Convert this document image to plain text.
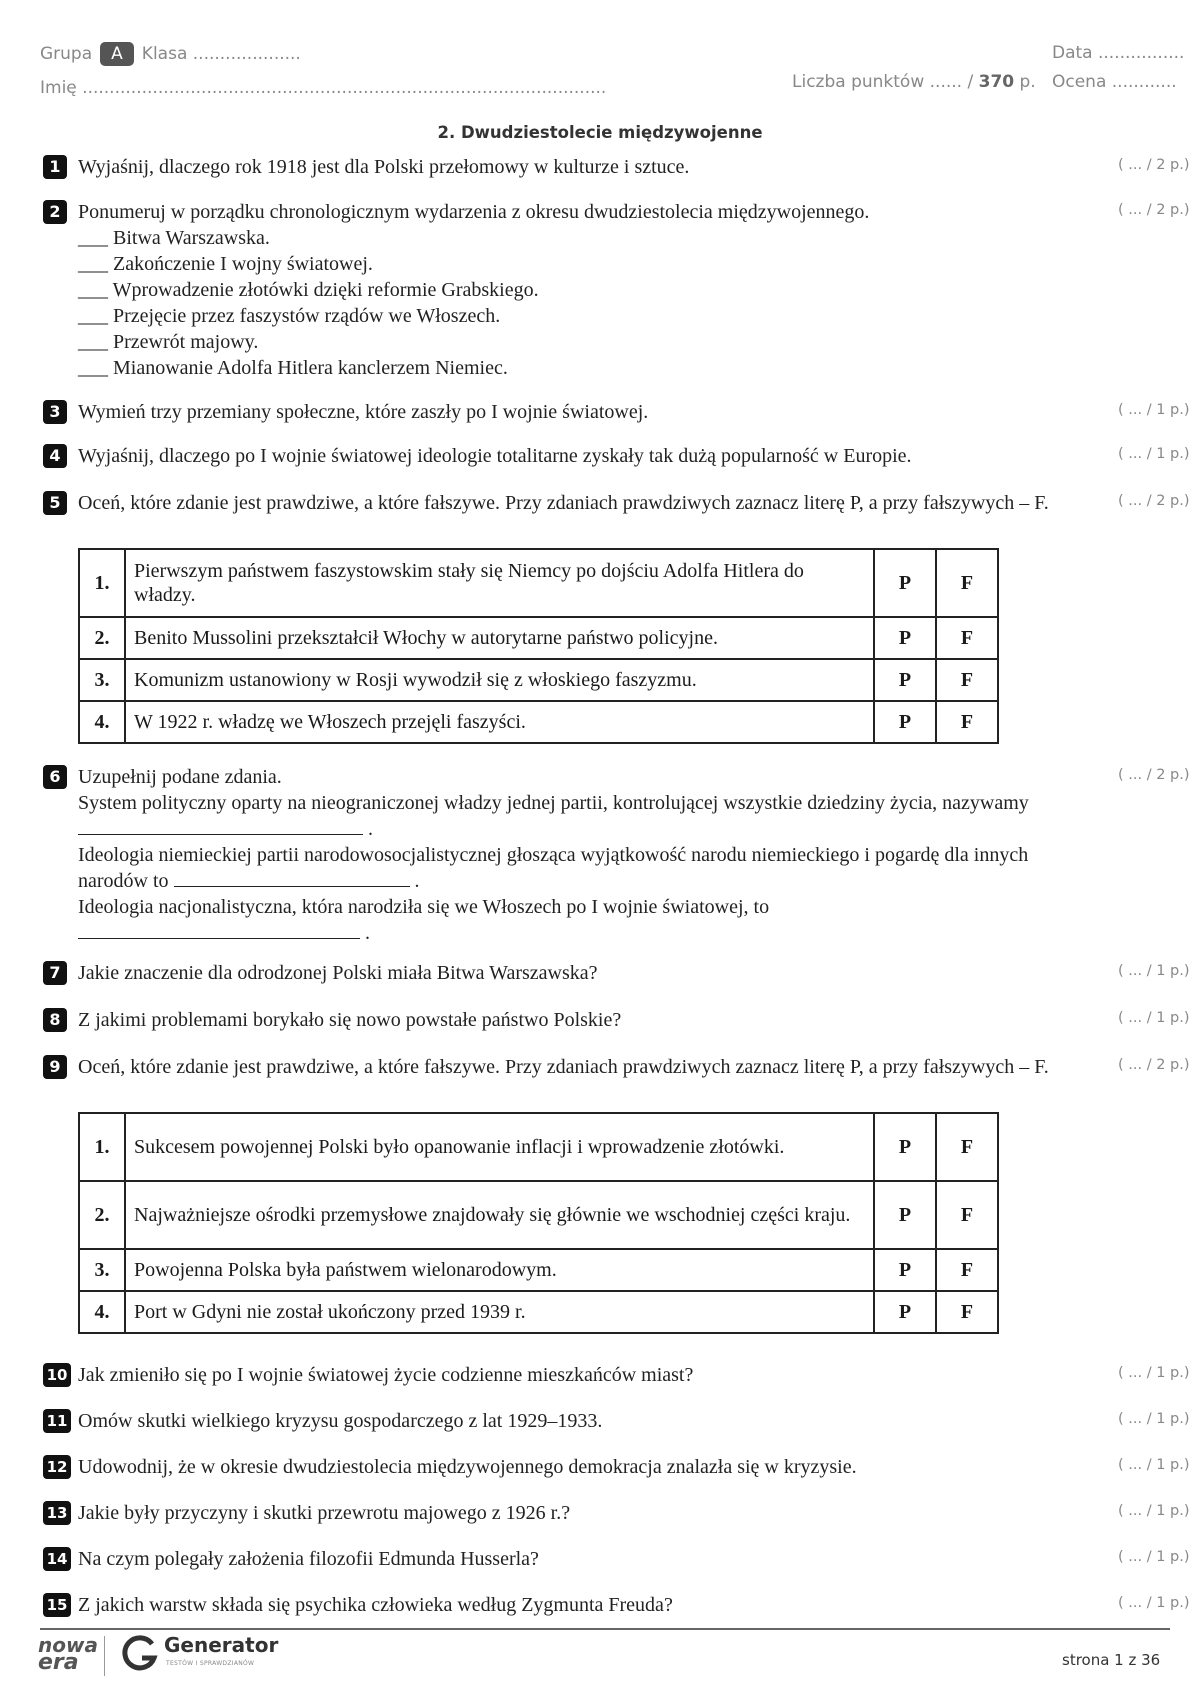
Grupa A Klasa ....................
Imię .................................................................................................
Data ................
Liczba punktów ...... / 370 p. Ocena ............
2. Dwudziestolecie międzywojenne
1 Wyjaśnij, dlaczego rok 1918 jest dla Polski przełomowy w kulturze i sztuce.	( ... / 2 p.)
2 Ponumeruj w porządku chronologicznym wydarzenia z okresu dwudziestolecia międzywojennego.
___ Bitwa Warszawska.
___ Zakończenie I wojny światowej.
___ Wprowadzenie złotówki dzięki reformie Grabskiego.
___ Przejęcie przez faszystów rządów we Włoszech.
___ Przewrót majowy.
___ Mianowanie Adolfa Hitlera kanclerzem Niemiec.
( ... / 2 p.)
3 Wymień trzy przemiany społeczne, które zaszły po I wojnie światowej.	( ... / 1 p.)
4 Wyjaśnij, dlaczego po I wojnie światowej ideologie totalitarne zyskały tak dużą popularność w Europie.	( ... / 1 p.)
5 Oceń, które zdanie jest prawdziwe, a które fałszywe. Przy zdaniach prawdziwych zaznacz literę P, a przy fałszywych – F.	( ... / 2 p.)
1.	Pierwszym państwem faszystowskim stały się Niemcy po dojściu Adolfa Hitlera do władzy.	P	F
2.	Benito Mussolini przekształcił Włochy w autorytarne państwo policyjne.	P	F
3.	Komunizm ustanowiony w Rosji wywodził się z włoskiego faszyzmu.	P	F
4.	W 1922 r. władzę we Włoszech przejęli faszyści.	P	F
6 Uzupełnij podane zdania.
System polityczny oparty na nieograniczonej władzy jednej partii, kontrolującej wszystkie dziedziny życia, nazywamy  .
Ideologia niemieckiej partii narodowosocjalistycznej głosząca wyjątkowość narodu niemieckiego i pogardę dla innych narodów to	.
Ideologia nacjonalistyczna, która narodziła się we Włoszech po I wojnie światowej, to
.
( ... / 2 p.)
7 Jakie znaczenie dla odrodzonej Polski miała Bitwa Warszawska?	( ... / 1 p.)
8 Z jakimi problemami borykało się nowo powstałe państwo Polskie?	( ... / 1 p.)
9 Oceń, które zdanie jest prawdziwe, a które fałszywe. Przy zdaniach prawdziwych zaznacz literę P, a przy fałszywych – F.	( ... / 2 p.)
1.	Sukcesem powojennej Polski było opanowanie inflacji i wprowadzenie złotówki.	P	F
2.	Najważniejsze ośrodki przemysłowe znajdowały się głównie we wschodniej części kraju.	P	F
3.	Powojenna Polska była państwem wielonarodowym.	P	F
4.	Port w Gdyni nie został ukończony przed 1939 r.	P	F
10 Jak zmieniło się po I wojnie światowej życie codzienne mieszkańców miast?	( ... / 1 p.)
11 Omów skutki wielkiego kryzysu gospodarczego z lat 1929–1933.	( ... / 1 p.)
12 Udowodnij, że w okresie dwudziestolecia międzywojennego demokracja znalazła się w kryzysie.	( ... / 1 p.)
13 Jakie były przyczyny i skutki przewrotu majowego z 1926 r.?	( ... / 1 p.)
14 Na czym polegały założenia filozofii Edmunda Husserla?	( ... / 1 p.)
15 Z jakich warstw składa się psychika człowieka według Zygmunta Freuda?	( ... / 1 p.)
nowa
era
Generator
TESTÓW I SPRAWDZIANÓW	strona 1 z 36
